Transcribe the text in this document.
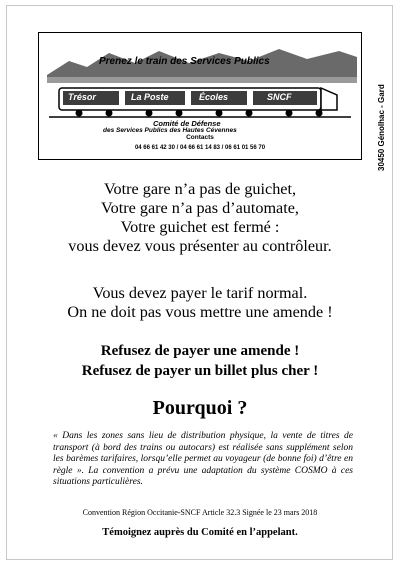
Prenez le train des Services Publics
Trésor	La Poste	Écoles	SNCF
Comité de Défense
des Services Publics des Hautes Cévennes	30450 Génolhac - Gard
Contacts
04 66 61 42 30 / 04 66 61 14 83 / 06 61 01 56 70

Votre gare n’a pas de guichet,

Votre gare n’a pas d’automate,

Votre guichet est fermé :

vous devez vous présenter au contrôleur.

Vous devez payer le tarif normal.

On ne doit pas vous mettre une amende !

Refusez de payer une amende !

Refusez de payer un billet plus cher !

Pourquoi ?
« Dans les zones sans lieu de distribution physique, la vente de titres de transport (à bord des trains ou autocars) est réalisée sans supplément selon les barèmes tarifaires, lorsqu’elle permet au voyageur (de bonne foi) d’être en règle ». La convention a prévu une adaptation du système COSMO à ces situations particulières.
Convention Région Occitanie-SNCF Article 32.3 Signée le 23 mars 2018
Témoignez auprès du Comité en l’appelant.
